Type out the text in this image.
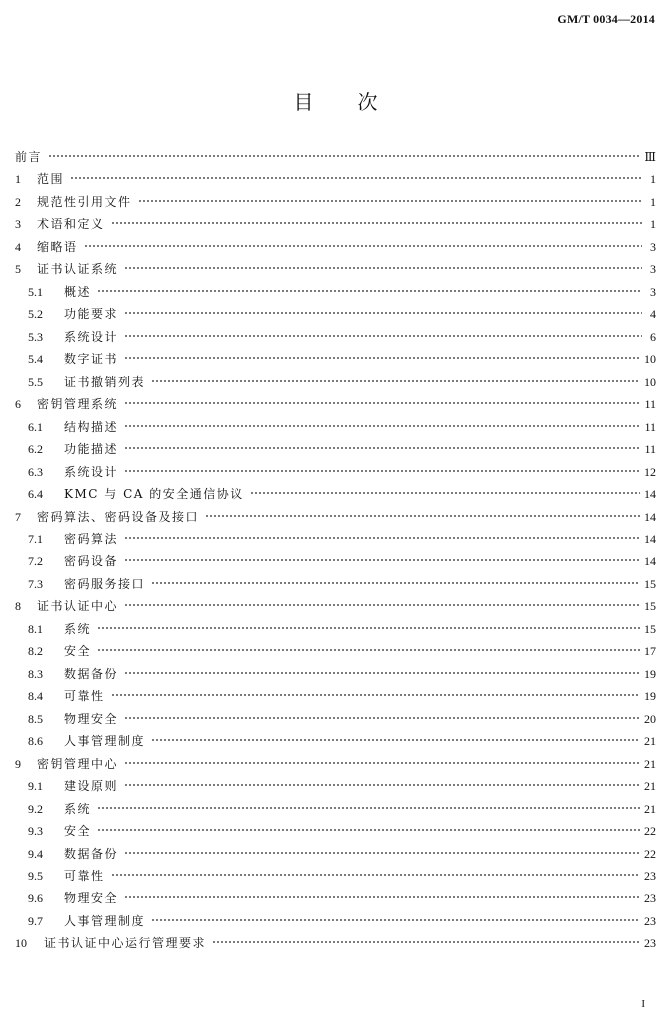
GM/T 0034—2014
目次
前言	Ⅲ
1	范围	1
2	规范性引用文件	1
3	术语和定义	1
4	缩略语	3
5	证书认证系统	3
5.1	概述	3
5.2	功能要求	4
5.3	系统设计	6
5.4	数字证书	10
5.5	证书撤销列表	10
6	密钥管理系统	11
6.1	结构描述	11
6.2	功能描述	11
6.3	系统设计	12
6.4	KMC 与 CA 的安全通信协议	14
7	密码算法、密码设备及接口	14
7.1	密码算法	14
7.2	密码设备	14
7.3	密码服务接口	15
8	证书认证中心	15
8.1	系统	15
8.2	安全	17
8.3	数据备份	19
8.4	可靠性	19
8.5	物理安全	20
8.6	人事管理制度	21
9	密钥管理中心	21
9.1	建设原则	21
9.2	系统	21
9.3	安全	22
9.4	数据备份	22
9.5	可靠性	23
9.6	物理安全	23
9.7	人事管理制度	23
10	证书认证中心运行管理要求	23
I
